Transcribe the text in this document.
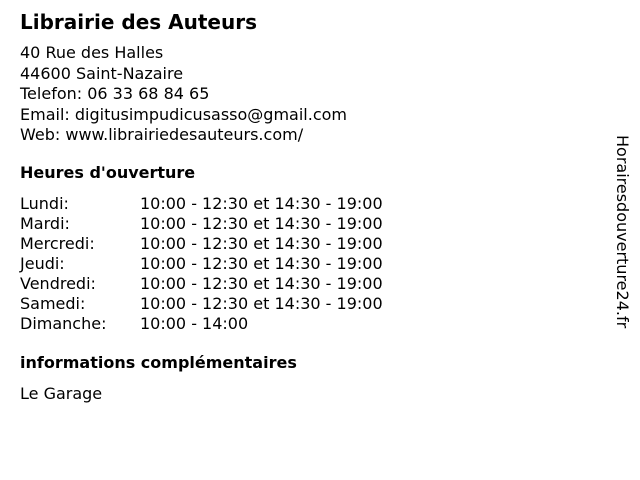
Librairie des Auteurs
40 Rue des Halles
44600 Saint-Nazaire
Telefon: 06 33 68 84 65
Email: digitusimpudicusasso@gmail.com
Web: www.librairiedesauteurs.com/
Heures d'ouverture
Lundi:	10:00 - 12:30 et 14:30 - 19:00
Mardi:	10:00 - 12:30 et 14:30 - 19:00
Mercredi:	10:00 - 12:30 et 14:30 - 19:00
Jeudi:	10:00 - 12:30 et 14:30 - 19:00
Vendredi:	10:00 - 12:30 et 14:30 - 19:00
Samedi:	10:00 - 12:30 et 14:30 - 19:00
Dimanche: 10:00 - 14:00
informations complémentaires
Le Garage
Horairesdouverture24.fr
